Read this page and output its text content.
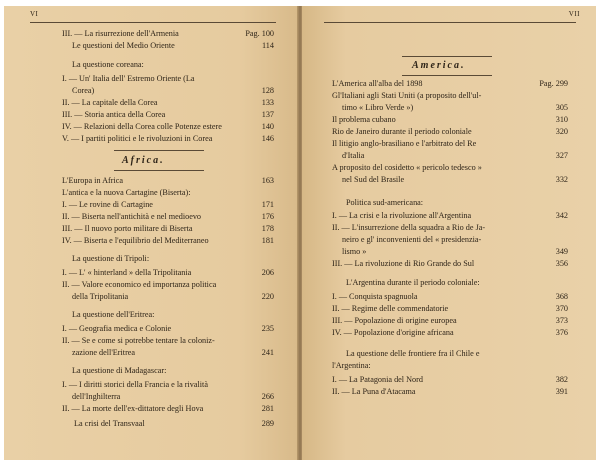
VI
III. — La risurrezione dell'Armenia	Pag. 100
Le questioni del Medio Oriente	114
La questione coreana:
I. — Un' Italia dell' Estremo Oriente (La
Corea)	128
II. — La capitale della Corea	133
III. — Storia antica della Corea	137
IV. — Relazioni della Corea colle Potenze estere	140
V. — I partiti politici e le rivoluzioni in Corea	146
Africa.
L'Europa in Africa	163
L'antica e la nuova Cartagine (Biserta):
I. — Le rovine di Cartagine	171
II. — Biserta nell'antichità e nel medioevo	176
III. — Il nuovo porto militare di Biserta	178
IV. — Biserta e l'equilibrio del Mediterraneo	181
La questione di Tripoli:
I. — L' « hinterland » della Tripolitania	206
II. — Valore economico ed importanza politica
della Tripolitania	220
La questione dell'Eritrea:
I. — Geografia medica e Colonie	235
II. — Se e come si potrebbe tentare la coloniz-
zazione dell'Eritrea	241
La questione di Madagascar:
I. — I diritti storici della Francia e la rivalità
dell'Inghilterra	266
II. — La morte dell'ex-dittatore degli Hova	281
La crisi del Transvaal	289
VII
America.
L'America all'alba del 1898	Pag. 299
Gl'Italiani agli Stati Uniti (a proposito dell'ul-
timo « Libro Verde »)	305
Il problema cubano	310
Rio de Janeiro durante il periodo coloniale	320
Il litigio anglo-brasiliano e l'arbitrato del Re
d'Italia	327
A proposito del cosidetto « pericolo tedesco »
nel Sud del Brasile	332
Politica sud-americana:
I. — La crisi e la rivoluzione all'Argentina	342
II. — L'insurrezione della squadra a Rio de Ja-
neiro e gl' inconvenienti del « presidenzia-
lismo »	349
III. — La rivoluzione di Rio Grande do Sul	356
L'Argentina durante il periodo coloniale:
I. — Conquista spagnuola	368
II. — Regime delle commendatorie	370
III. — Popolazione di origine europea	373
IV. — Popolazione d'origine africana	376
La questione delle frontiere fra il Chile e
l'Argentina:
I. — La Patagonia del Nord	382
II. — La Puna d'Atacama	391
